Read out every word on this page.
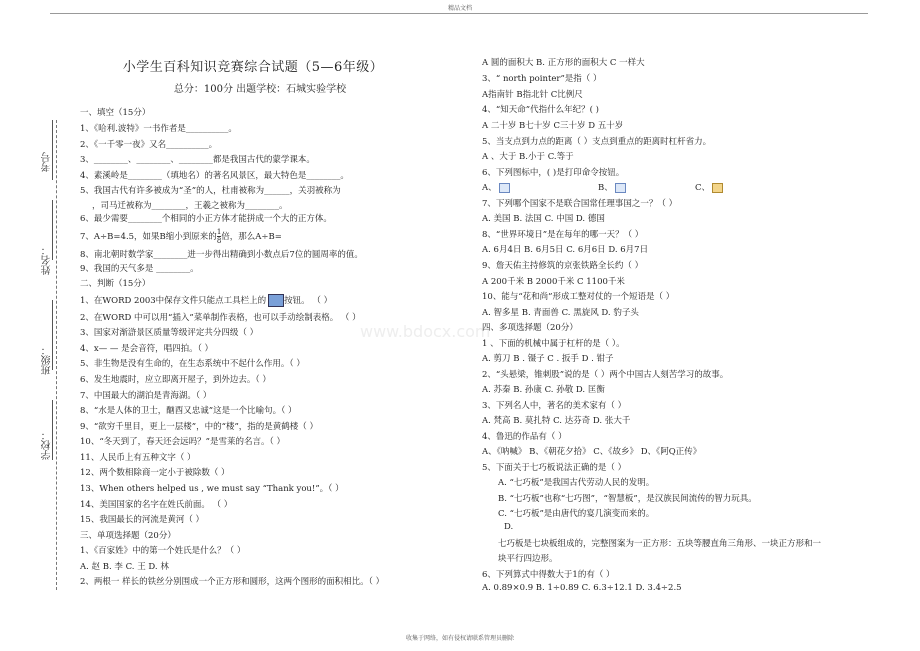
精品文档
考号
姓名：
班级：
学校：
小学生百科知识竞赛综合试题（5—6年级）
总分：100分 出题学校：石城实验学校
www.bdocx.com
一、填空（15分）
1、《哈利.波特》一书作者是__________。
2、《一千零一夜》又名__________。
3、________、________、________都是我国古代的蒙学课本。
4、素溪岭是________（填地名）的著名风景区，最大特色是________。
5、我国古代有许多被成为“圣”的人，杜甫被称为______，关羽被称为
，司马迁被称为________，王羲之被称为________。
6、最少需要________个相同的小正方体才能拼成一个大的正方体。
7、A÷B=4.5，如果B缩小到原来的 $\frac{1}{8}$ 倍，那么A÷B=
8、南北朝时数学家________进一步得出精确到小数点后7位的圆周率的值。
9、我国的天气多是 ________。
二、判断（15分）
1、在WORD 2003中保存文件只能点工具栏上的 按钮。 （ ）
2、在WORD 中可以用“插入”菜单制作表格，也可以手动绘制表格。 （ ）
3、国家对渐滸景区质量等级评定共分四级（ ）
4、x— — 是会音符，唱四拍。（ ）
5、非生物是没有生命的，在生态系统中不起什么作用。（ ）
6、发生地震时，应立即离开屋子，到外边去。（ ）
7、中国最大的湖泊是青海湖。（ ）
8、“水是人体的卫士，酗酉又忠诚”这是一个比喻句。（ ）
9、“欲穷千里目，更上一层楼”，中的“楼”，指的是黄鹤楼（ ）
10、“冬天到了，春天还会远吗？”是雪莱的名言。（ ）
11、人民币上有五种文字（ ）
12、两个数相除商一定小于被除数（ ）
13、When others helped us , we must say “Thank you!”。（ ）
14、美国国家的名字在姓氏前面。 （ ）
15、我国最长的河流是黄河（ ）
三、单项选择题（20分）
1、《百家姓》中的第一个姓氏是什么？（ ）
A. 赵 B. 李 C. 王 D. 林
2、两根一 样长的铁丝分别围成一个正方形和圆形，这两个图形的面积相比。（ ）
A 圆的面积大 B. 正方形的面积大 C 一样大
3、“ north pointer”是指（ ）
A指南针 B指北针 C比例尺
4、“知天命”代指什么年纪？( )
A 二十岁 B七十岁 C三十岁 D 五十岁
5、当支点到力点的距离（ ）支点到重点的距离时杠杆省力。
A 、大于 B.小于 C.等于
6、下列图标中，( )是打印命令按钮。
A、	B、	C、
7、下列哪个国家不是联合国常任理事国之一？（ ）
A. 美国 B. 法国 C. 中国 D. 德国
8、“世界环境日”是在每年的哪一天？（ ）
A. 6月4日 B. 6月5日 C. 6月6日 D. 6月7日
9、詹天佑主持修筑的京张铁路全长约（ ）
A 200千米 B 2000千米 C 1100千米
10、能与“花和尚”形成工整对仗的一个短语是（ ）
A. 智多星 B. 青面兽 C. 黑旋风 D. 豹子头
四、多项选择题（20分）
1 、下面的机械中属于杠杆的是（ ）。
A. 剪刀 B . 镊子 C . 扳手 D . 钳子
2、“头悬梁，锥刺股”说的是（ ）两个中国古人刻苦学习的故事。
A. 苏秦 B. 孙康 C. 孙敬 D. 匡衡
3、下列名人中，著名的美术家有（ ）
A. 梵高 B. 莫扎特 C. 达芬奇 D. 张大千
4、鲁迅的作品有（ ）
A、《呐喊》 B、《朝花夕拾》 C、《故乡》 D、《阿Q正传》
5、下面关于七巧板说法正确的是（ ）
A. “七巧板”是我国古代劳动人民的发明。
B. “七巧板”也称“七巧图”，“智慧板”，是汉族民间流传的智力玩具。
C. “七巧板”是由唐代的宴几演变而来的。
D.
七巧板是七块板组成的，完整图案为一正方形：五块等腰直角三角形、一块正方形和一
块平行四边形。
6、下列算式中得数大于1的有（ ）
A. 0.89×0.9 B. 1÷0.89 C. 6.3÷12.1 D. 3.4÷2.5
收集于网络，如有侵权请联系管理员删除
